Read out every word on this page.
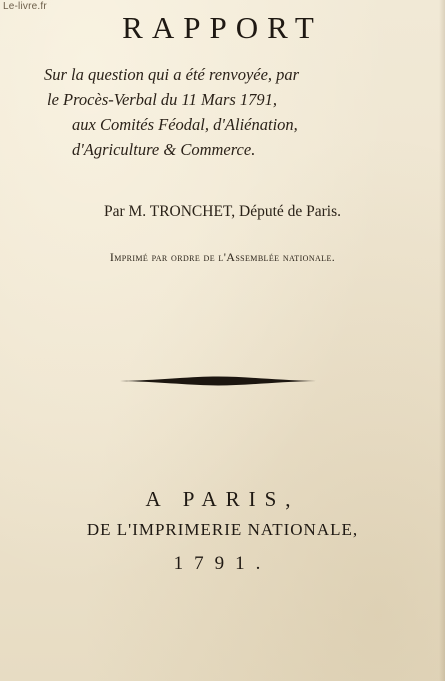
Le-livre.fr
RAPPORT
Sur la question qui a été renvoyée, par
le Procès-Verbal du 11 Mars 1791,
aux Comités Féodal, d'Aliénation,
d'Agriculture & Commerce.
Par M. TRONCHET, Député de Paris.
Imprimé par ordre de l'Assemblée nationale.
A PARIS,
DE L'IMPRIMERIE NATIONALE,
1791.
